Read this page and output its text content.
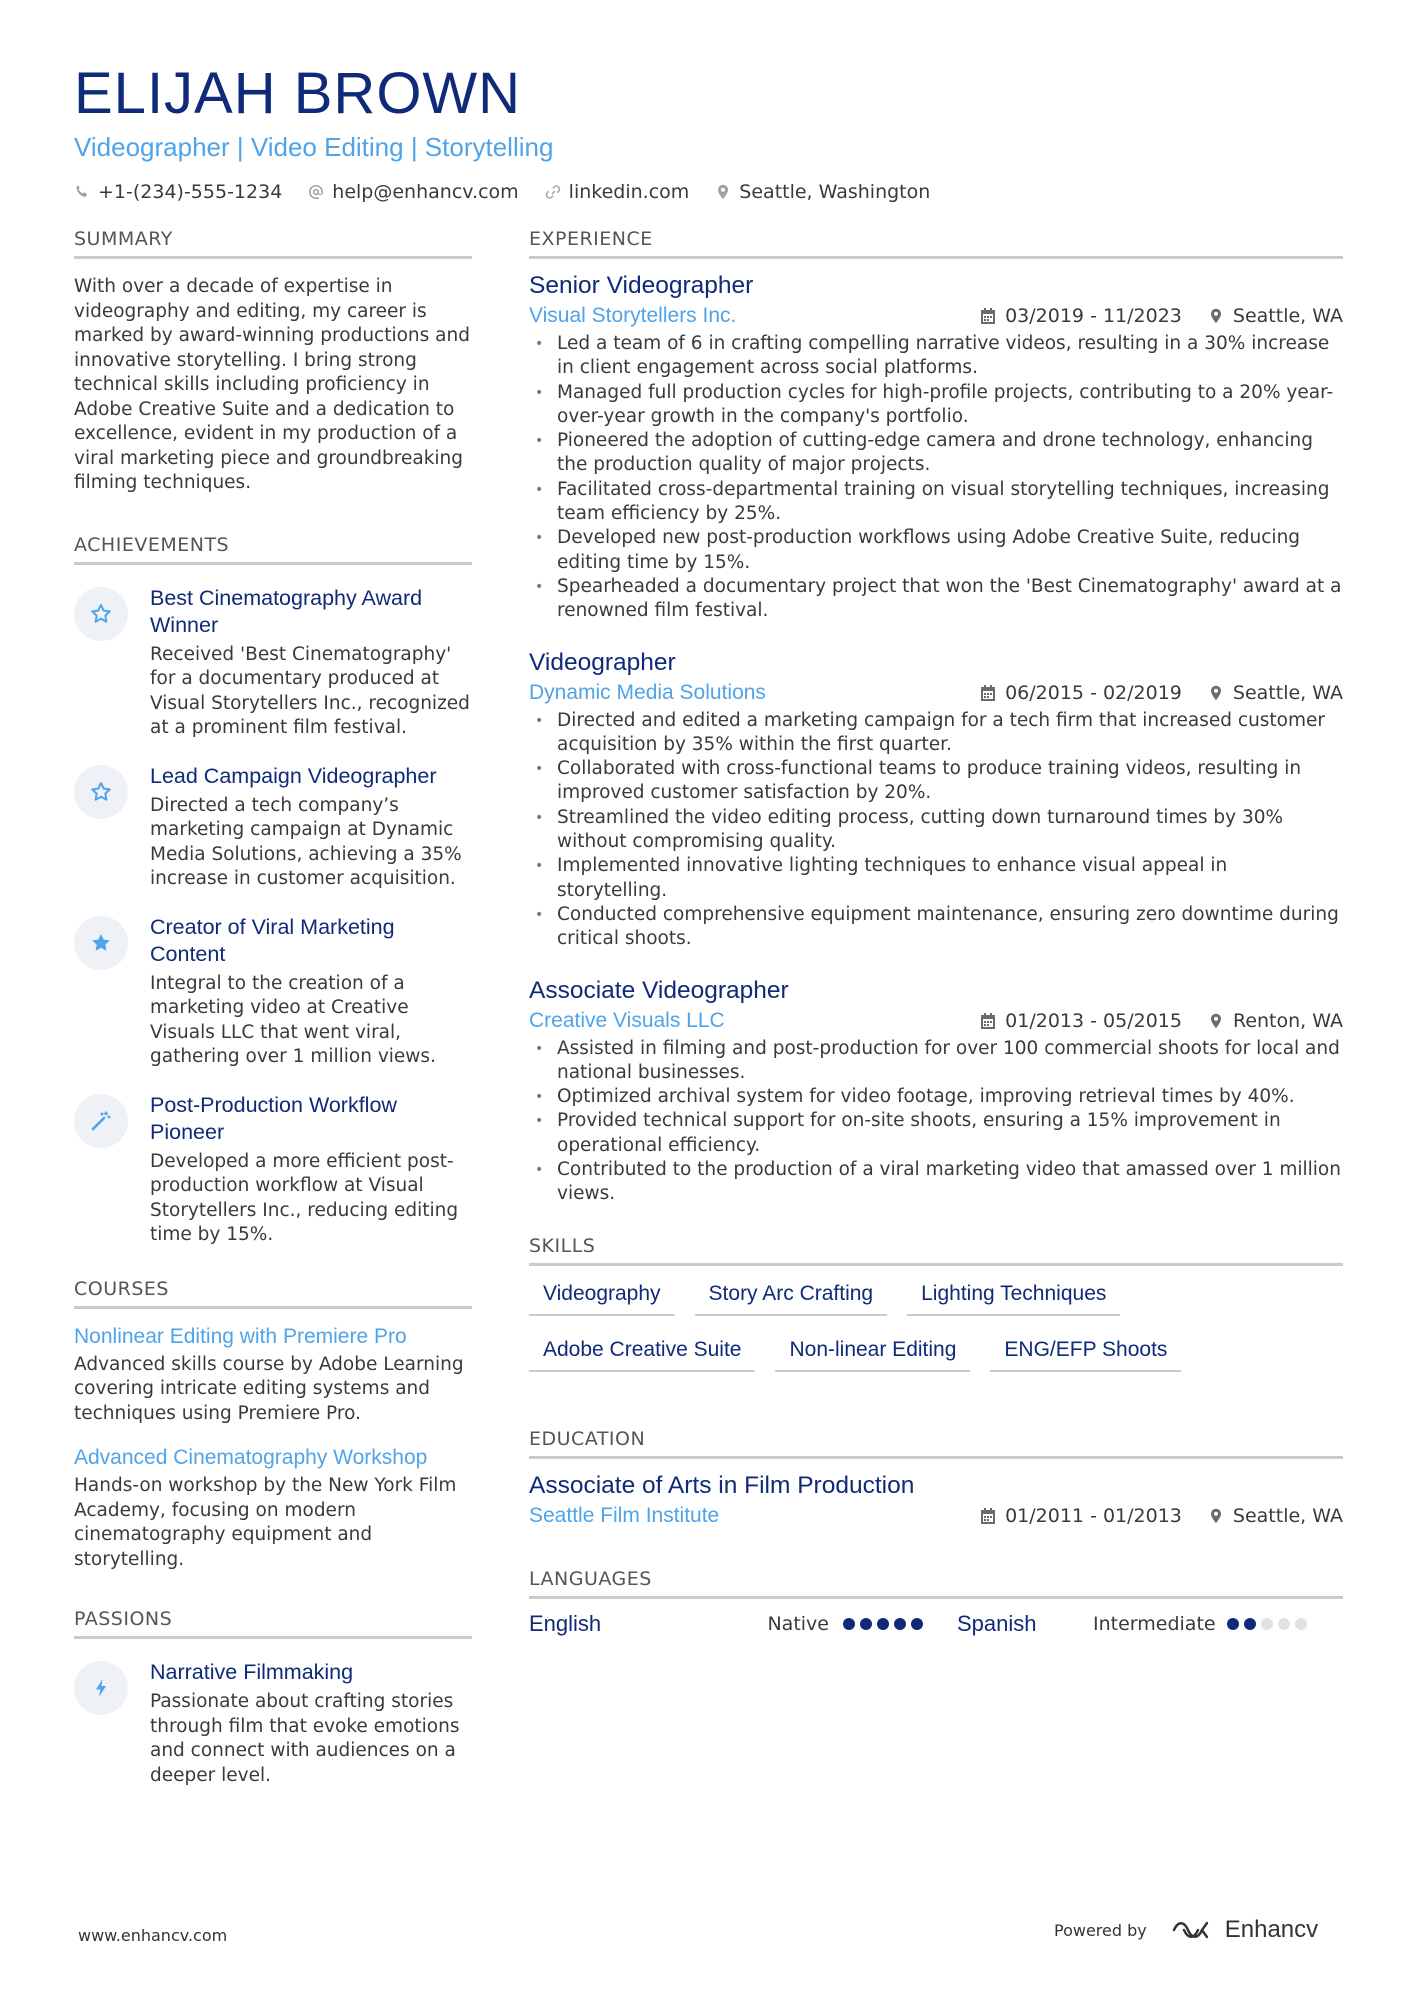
ELIJAH BROWN
Videographer | Video Editing | Storytelling
+1-(234)-555-1234	help@enhancv.com	linkedin.com	Seattle, Washington
SUMMARY

With over a decade of expertise in videography and editing, my career is marked by award-winning productions and innovative storytelling. I bring strong technical skills including proficiency in Adobe Creative Suite and a dedication to excellence, evident in my production of a viral marketing piece and groundbreaking filming techniques.

ACHIEVEMENTS
Best Cinematography Award Winner

Received 'Best Cinematography' for a documentary produced at Visual Storytellers Inc., recognized at a prominent film festival.

Lead Campaign Videographer

Directed a tech company’s marketing campaign at Dynamic Media Solutions, achieving a 35% increase in customer acquisition.

Creator of Viral Marketing Content

Integral to the creation of a marketing video at Creative Visuals LLC that went viral, gathering over 1 million views.

Post-Production Workflow Pioneer

Developed a more efficient post-production workflow at Visual Storytellers Inc., reducing editing time by 15%.

COURSES
Nonlinear Editing with Premiere Pro

Advanced skills course by Adobe Learning covering intricate editing systems and techniques using Premiere Pro.

Advanced Cinematography Workshop

Hands-on workshop by the New York Film Academy, focusing on modern cinematography equipment and storytelling.

PASSIONS
Narrative Filmmaking

Passionate about crafting stories through film that evoke emotions and connect with audiences on a deeper level.

EXPERIENCE
Senior Videographer
Visual Storytellers Inc.	03/2019 - 11/2023	Seattle, WA
• Led a team of 6 in crafting compelling narrative videos, resulting in a 30% increase in client engagement across social platforms.
• Managed full production cycles for high-profile projects, contributing to a 20% year-over-year growth in the company's portfolio.
• Pioneered the adoption of cutting-edge camera and drone technology, enhancing the production quality of major projects.
• Facilitated cross-departmental training on visual storytelling techniques, increasing team efficiency by 25%.
• Developed new post-production workflows using Adobe Creative Suite, reducing editing time by 15%.
• Spearheaded a documentary project that won the 'Best Cinematography' award at a renowned film festival.
Videographer
Dynamic Media Solutions	06/2015 - 02/2019	Seattle, WA
• Directed and edited a marketing campaign for a tech firm that increased customer acquisition by 35% within the first quarter.
• Collaborated with cross-functional teams to produce training videos, resulting in improved customer satisfaction by 20%.
• Streamlined the video editing process, cutting down turnaround times by 30% without compromising quality.
• Implemented innovative lighting techniques to enhance visual appeal in storytelling.
• Conducted comprehensive equipment maintenance, ensuring zero downtime during critical shoots.
Associate Videographer
Creative Visuals LLC	01/2013 - 05/2015	Renton, WA
• Assisted in filming and post-production for over 100 commercial shoots for local and national businesses.
• Optimized archival system for video footage, improving retrieval times by 40%.
• Provided technical support for on-site shoots, ensuring a 15% improvement in operational efficiency.
• Contributed to the production of a viral marketing video that amassed over 1 million views.
SKILLS
Videography	Story Arc Crafting	Lighting Techniques
Adobe Creative Suite	Non-linear Editing	ENG/EFP Shoots
EDUCATION
Associate of Arts in Film Production
Seattle Film Institute	01/2011 - 01/2013	Seattle, WA
LANGUAGES
English	Native	Spanish	Intermediate
www.enhancv.com	Powered by	Enhancv
